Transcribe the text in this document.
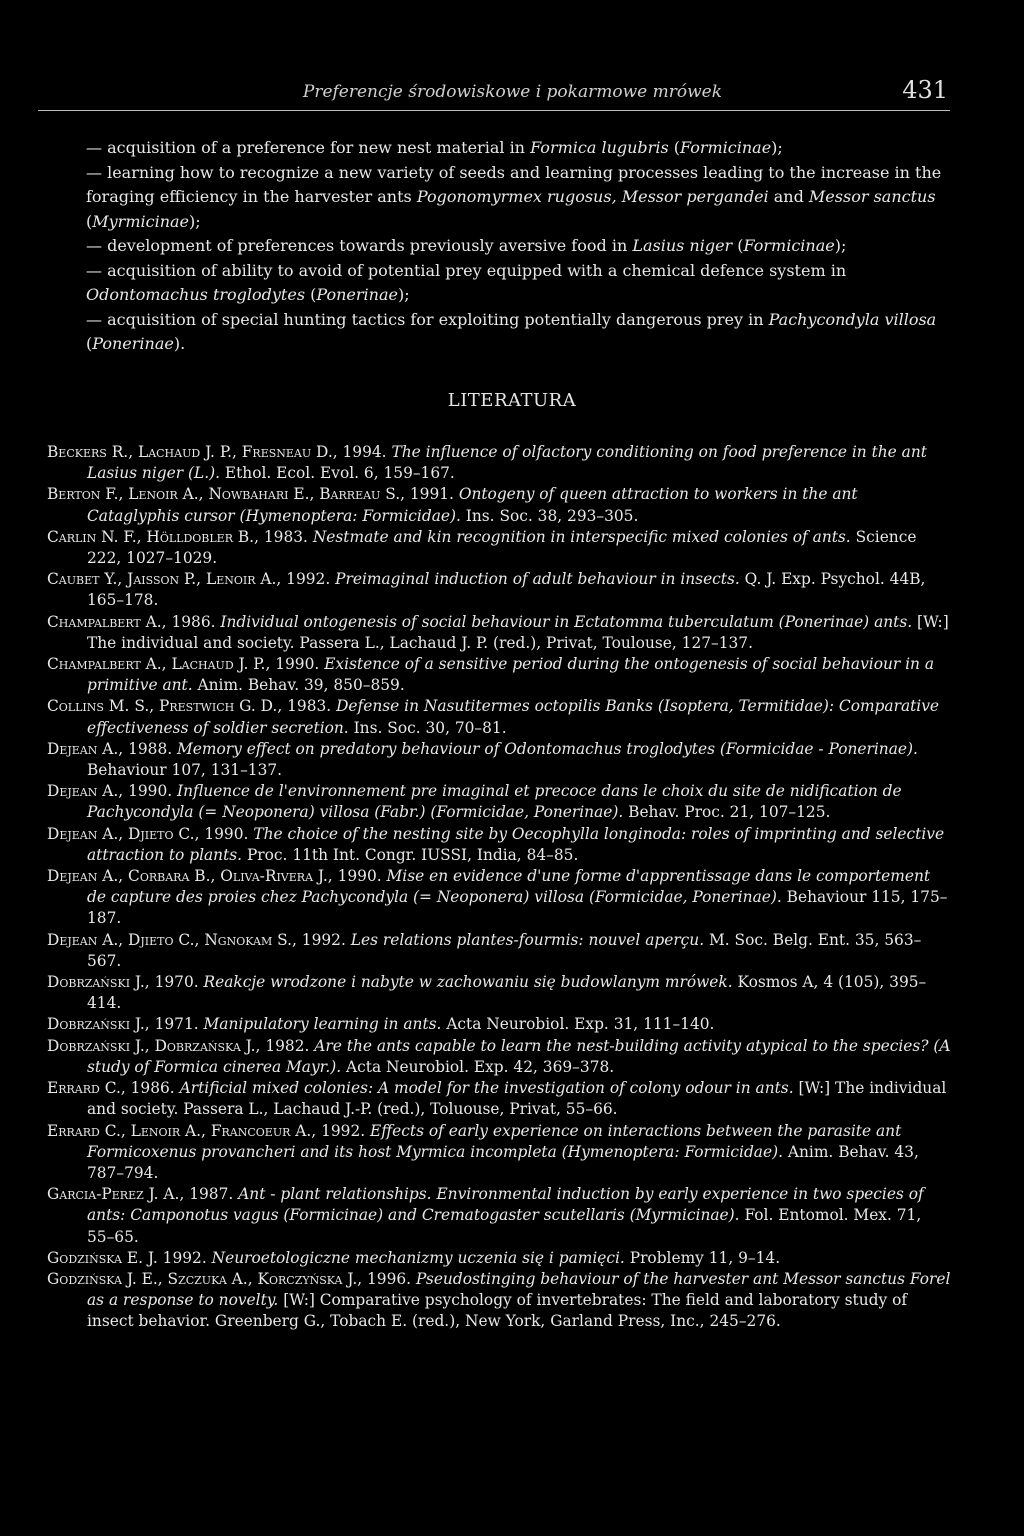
Preferencje środowiskowe i pokarmowe mrówek	431

— acquisition of a preference for new nest material in Formica lugubris (Formicinae);

— learning how to recognize a new variety of seeds and learning processes leading to the increase in the foraging efficiency in the harvester ants Pogonomyrmex rugosus, Messor pergandei and Messor sanctus (Myrmicinae);

— development of preferences towards previously aversive food in Lasius niger (Formicinae);

— acquisition of ability to avoid of potential prey equipped with a chemical defence system in Odontomachus troglodytes (Ponerinae);

— acquisition of special hunting tactics for exploiting potentially dangerous prey in Pachycondyla villosa (Ponerinae).

LITERATURA

Beckers R., Lachaud J. P., Fresneau D., 1994. The influence of olfactory conditioning on food preference in the ant Lasius niger (L.). Ethol. Ecol. Evol. 6, 159–167.

Berton F., Lenoir A., Nowbahari E., Barreau S., 1991. Ontogeny of queen attraction to workers in the ant Cataglyphis cursor (Hymenoptera: Formicidae). Ins. Soc. 38, 293–305.

Carlin N. F., Hölldobler B., 1983. Nestmate and kin recognition in interspecific mixed colonies of ants. Science 222, 1027–1029.

Caubet Y., Jaisson P., Lenoir A., 1992. Preimaginal induction of adult behaviour in insects. Q. J. Exp. Psychol. 44B, 165–178.

Champalbert A., 1986. Individual ontogenesis of social behaviour in Ectatomma tuberculatum (Ponerinae) ants. [W:] The individual and society. Passera L., Lachaud J. P. (red.), Privat, Toulouse, 127–137.

Champalbert A., Lachaud J. P., 1990. Existence of a sensitive period during the ontogenesis of social behaviour in a primitive ant. Anim. Behav. 39, 850–859.

Collins M. S., Prestwich G. D., 1983. Defense in Nasutitermes octopilis Banks (Isoptera, Termitidae): Comparative effectiveness of soldier secretion. Ins. Soc. 30, 70–81.

Dejean A., 1988. Memory effect on predatory behaviour of Odontomachus troglodytes (Formicidae - Ponerinae). Behaviour 107, 131–137.

Dejean A., 1990. Influence de l'environnement pre imaginal et precoce dans le choix du site de nidification de Pachycondyla (= Neoponera) villosa (Fabr.) (Formicidae, Ponerinae). Behav. Proc. 21, 107–125.

Dejean A., Djieto C., 1990. The choice of the nesting site by Oecophylla longinoda: roles of imprinting and selective attraction to plants. Proc. 11th Int. Congr. IUSSI, India, 84–85.

Dejean A., Corbara B., Oliva-Rivera J., 1990. Mise en evidence d'une forme d'apprentissage dans le comportement de capture des proies chez Pachycondyla (= Neoponera) villosa (Formicidae, Ponerinae). Behaviour 115, 175–187.

Dejean A., Djieto C., Ngnokam S., 1992. Les relations plantes-fourmis: nouvel aperçu. M. Soc. Belg. Ent. 35, 563–567.

Dobrzański J., 1970. Reakcje wrodzone i nabyte w zachowaniu się budowlanym mrówek. Kosmos A, 4 (105), 395–414.

Dobrzański J., 1971. Manipulatory learning in ants. Acta Neurobiol. Exp. 31, 111–140.

Dobrzański J., Dobrzańska J., 1982. Are the ants capable to learn the nest-building activity atypical to the species? (A study of Formica cinerea Mayr.). Acta Neurobiol. Exp. 42, 369–378.

Errard C., 1986. Artificial mixed colonies: A model for the investigation of colony odour in ants. [W:] The individual and society. Passera L., Lachaud J.-P. (red.), Toluouse, Privat, 55–66.

Errard C., Lenoir A., Francoeur A., 1992. Effects of early experience on interactions between the parasite ant Formicoxenus provancheri and its host Myrmica incompleta (Hymenoptera: Formicidae). Anim. Behav. 43, 787–794.

Garcia-Perez J. A., 1987. Ant - plant relationships. Environmental induction by early experience in two species of ants: Camponotus vagus (Formicinae) and Crematogaster scutellaris (Myrmicinae). Fol. Entomol. Mex. 71, 55–65.

Godzińska E. J. 1992. Neuroetologiczne mechanizmy uczenia się i pamięci. Problemy 11, 9–14.

Godzińska J. E., Szczuka A., Korczyńska J., 1996. Pseudostinging behaviour of the harvester ant Messor sanctus Forel as a response to novelty. [W:] Comparative psychology of invertebrates: The field and laboratory study of insect behavior. Greenberg G., Tobach E. (red.), New York, Garland Press, Inc., 245–276.
